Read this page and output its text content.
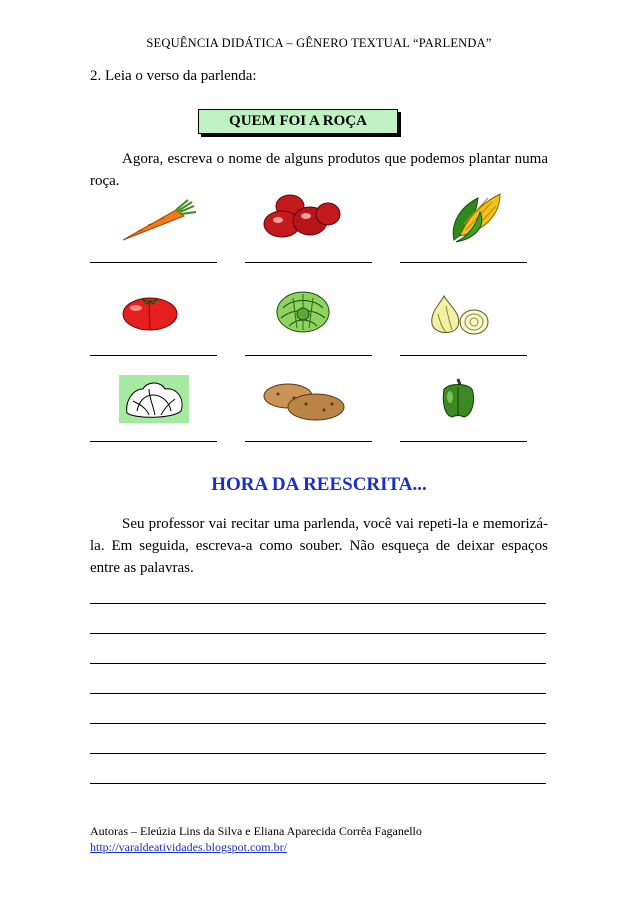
SEQUÊNCIA DIDÁTICA – GÊNERO TEXTUAL “PARLENDA”
2. Leia o verso da parlenda:
QUEM FOI A ROÇA
Agora, escreva o nome de alguns produtos que podemos plantar numa roça.
HORA DA REESCRITA...
Seu professor vai recitar uma parlenda, você vai repeti-la e memorizá-la. Em seguida, escreva-a como souber. Não esqueça de deixar espaços entre as palavras.
Autoras – Eleúzia Lins da Silva e Eliana Aparecida Corrêa Faganello
http://varaldeatividades.blogspot.com.br/
